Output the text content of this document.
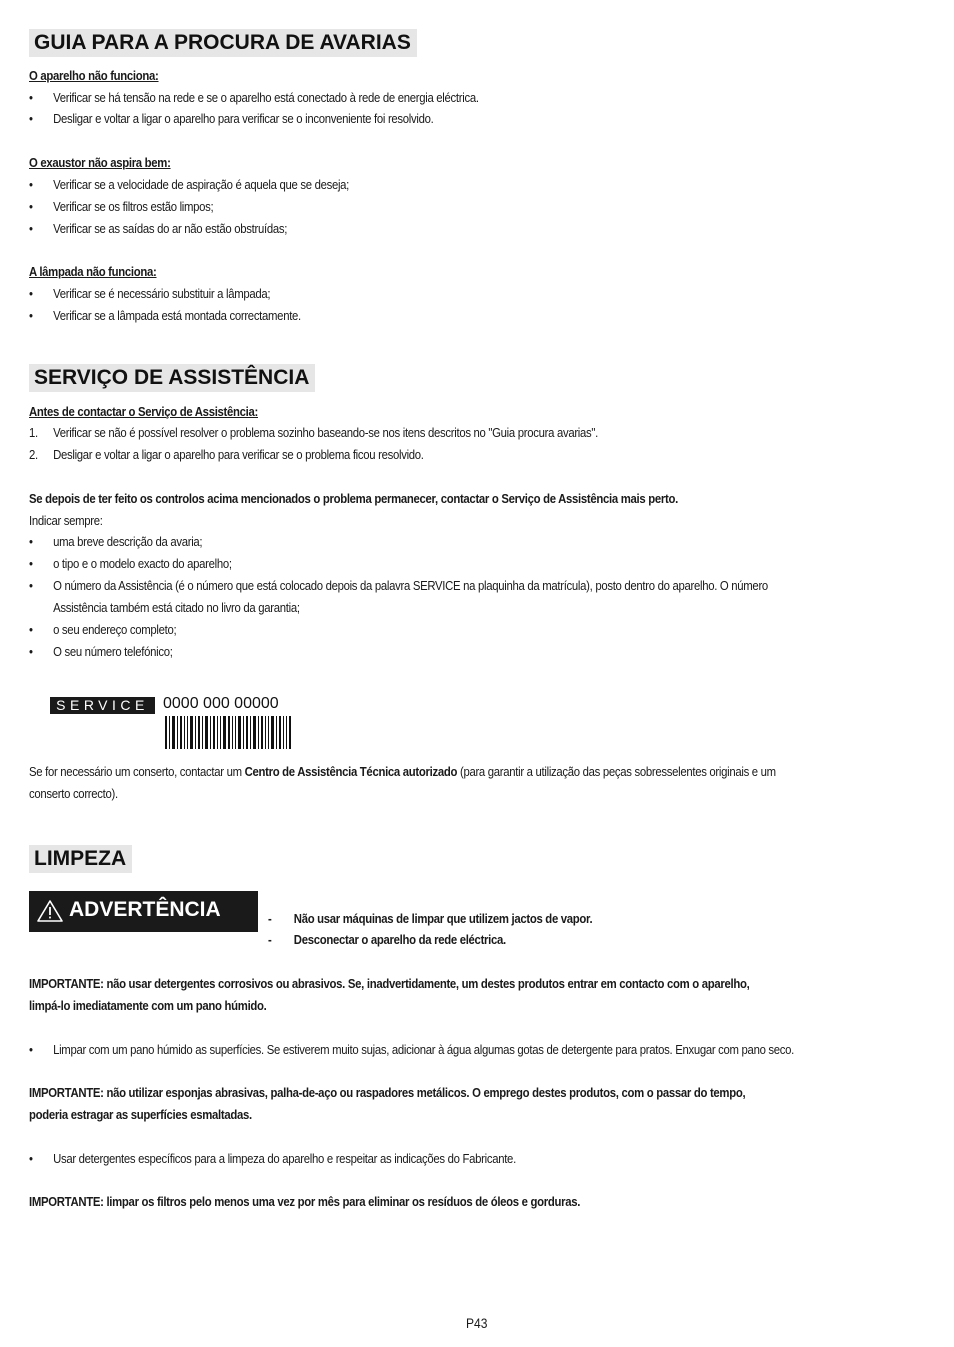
GUIA PARA A PROCURA DE AVARIAS
O aparelho não funciona:
• Verificar se há tensão na rede e se o aparelho está conectado à rede de energia eléctrica.
• Desligar e voltar a ligar o aparelho para verificar se o inconveniente foi resolvido.
O exaustor não aspira bem:
• Verificar se a velocidade de aspiração é aquela que se deseja;
• Verificar se os filtros estão limpos;
• Verificar se as saídas do ar não estão obstruídas;
A lâmpada não funciona:
• Verificar se é necessário substituir a lâmpada;
• Verificar se a lâmpada está montada correctamente.
SERVIÇO DE ASSISTÊNCIA
Antes de contactar o Serviço de Assistência:
1. Verificar se não é possível resolver o problema sozinho baseando-se nos itens descritos no "Guia procura avarias".
2. Desligar e voltar a ligar o aparelho para verificar se o problema ficou resolvido.
Se depois de ter feito os controlos acima mencionados o problema permanecer, contactar o Serviço de Assistência mais perto.
Indicar sempre:
• uma breve descrição da avaria;
• o tipo e o modelo exacto do aparelho;
• O número da Assistência (é o número que está colocado depois da palavra SERVICE na plaquinha da matrícula), posto dentro do aparelho. O número
Assistência também está citado no livro da garantia;
• o seu endereço completo;
• O seu número telefónico;
SERVICE 0000 000 00000
Se for necessário um conserto, contactar um Centro de Assistência Técnica autorizado (para garantir a utilização das peças sobresselentes originais e um
conserto correcto).
LIMPEZA
ADVERTÊNCIA	- Não usar máquinas de limpar que utilizem jactos de vapor.
- Desconectar o aparelho da rede eléctrica.
IMPORTANTE: não usar detergentes corrosivos ou abrasivos. Se, inadvertidamente, um destes produtos entrar em contacto com o aparelho,
limpá-lo imediatamente com um pano húmido.
• Limpar com um pano húmido as superfícies. Se estiverem muito sujas, adicionar à água algumas gotas de detergente para pratos. Enxugar com pano seco.
IMPORTANTE: não utilizar esponjas abrasivas, palha-de-aço ou raspadores metálicos. O emprego destes produtos, com o passar do tempo,
poderia estragar as superfícies esmaltadas.
• Usar detergentes específicos para a limpeza do aparelho e respeitar as indicações do Fabricante.
IMPORTANTE: limpar os filtros pelo menos uma vez por mês para eliminar os resíduos de óleos e gorduras.
P43
